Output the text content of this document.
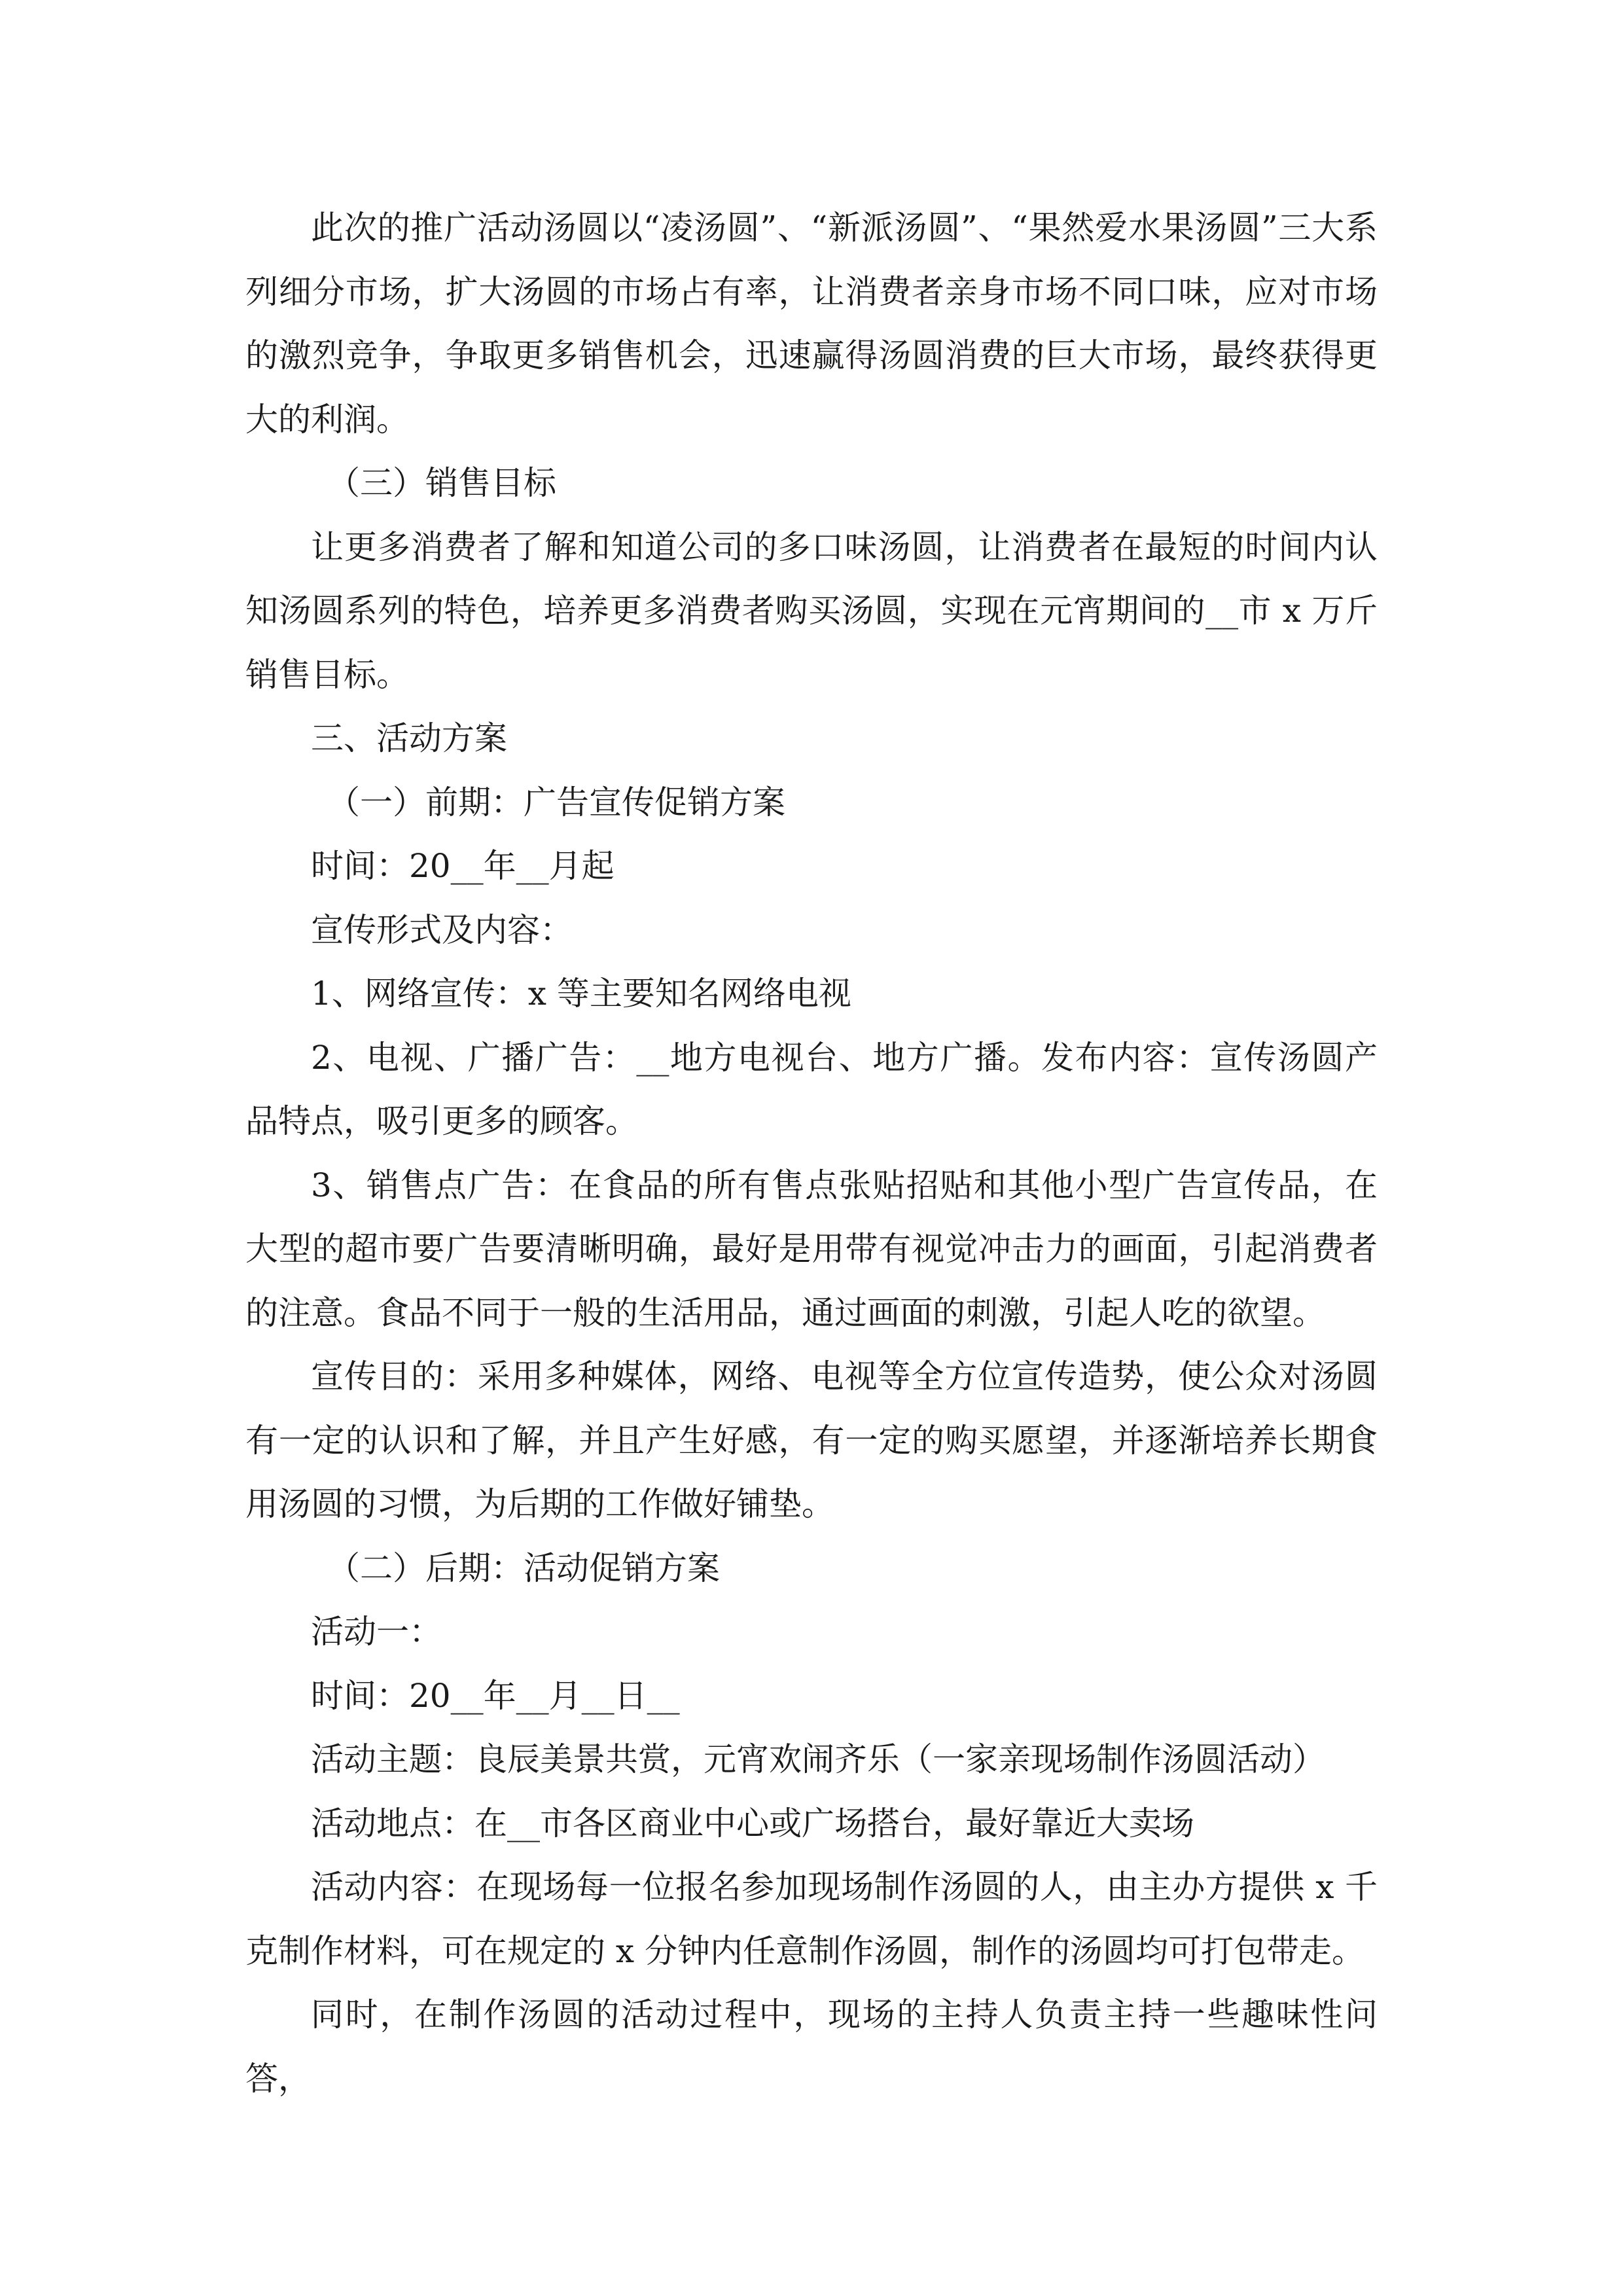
此次的推广活动汤圆以“凌汤圆”、“新派汤圆”、“果然爱水果汤圆”三大系列细分市场，扩大汤圆的市场占有率，让消费者亲身市场不同口味，应对市场的激烈竞争，争取更多销售机会，迅速赢得汤圆消费的巨大市场，最终获得更大的利润。

（三）销售目标

让更多消费者了解和知道公司的多口味汤圆，让消费者在最短的时间内认知汤圆系列的特色，培养更多消费者购买汤圆，实现在元宵期间的__市 x 万斤销售目标。

三、活动方案

（一）前期：广告宣传促销方案

时间：20__年__月起

宣传形式及内容：

1、网络宣传：x 等主要知名网络电视

2、电视、广播广告：__地方电视台、地方广播。发布内容：宣传汤圆产品特点，吸引更多的顾客。

3、销售点广告：在食品的所有售点张贴招贴和其他小型广告宣传品，在大型的超市要广告要清晰明确，最好是用带有视觉冲击力的画面，引起消费者的注意。食品不同于一般的生活用品，通过画面的刺激，引起人吃的欲望。

宣传目的：采用多种媒体，网络、电视等全方位宣传造势，使公众对汤圆有一定的认识和了解，并且产生好感，有一定的购买愿望，并逐渐培养长期食用汤圆的习惯，为后期的工作做好铺垫。

（二）后期：活动促销方案

活动一：

时间：20__年__月__日__

活动主题：良辰美景共赏，元宵欢闹齐乐（一家亲现场制作汤圆活动）

活动地点：在__市各区商业中心或广场搭台，最好靠近大卖场

活动内容：在现场每一位报名参加现场制作汤圆的人，由主办方提供 x 千克制作材料，可在规定的 x 分钟内任意制作汤圆，制作的汤圆均可打包带走。

同时，在制作汤圆的活动过程中，现场的主持人负责主持一些趣味性问答，
